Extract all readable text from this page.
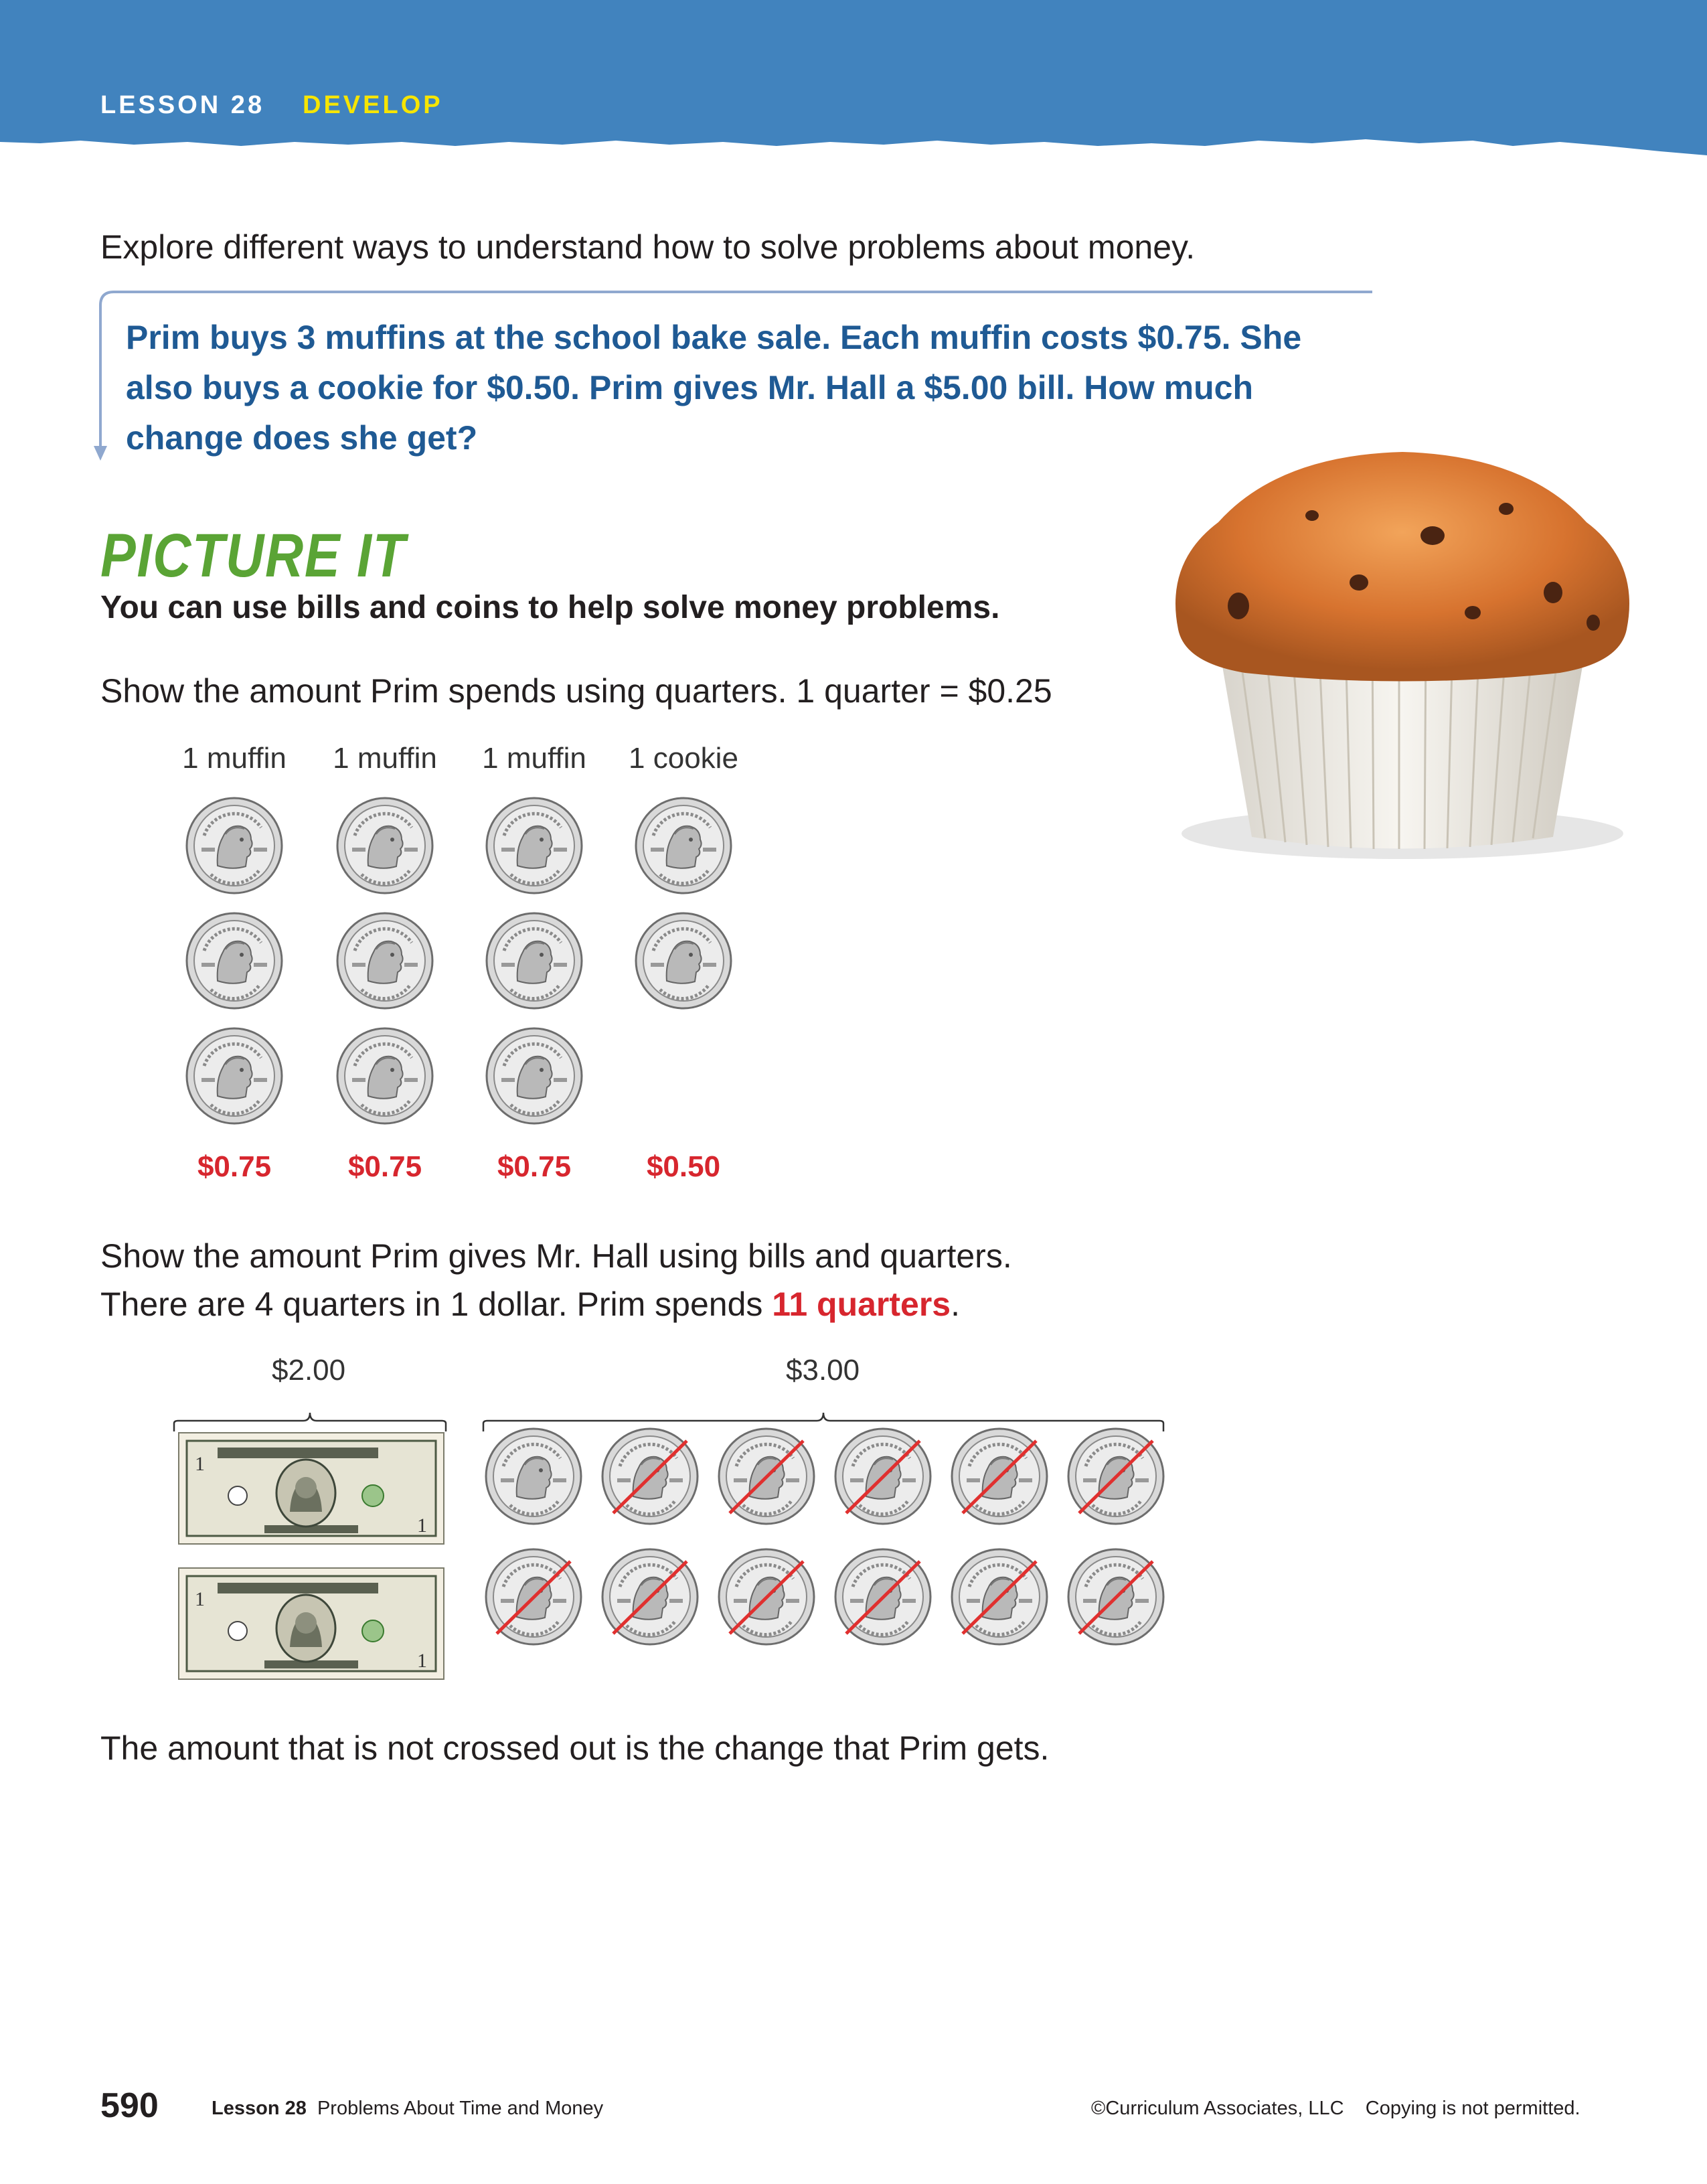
LESSON 28 DEVELOP
Explore different ways to understand how to solve problems about money.
Prim buys 3 muffins at the school bake sale. Each muffin costs $0.75. She also buys a cookie for $0.50. Prim gives Mr. Hall a $5.00 bill. How much change does she get?
PICTURE IT
You can use bills and coins to help solve money problems.
Show the amount Prim spends using quarters. 1 quarter = $0.25
1 muffin
$0.75
1 muffin
$0.75
1 muffin
$0.75
1 cookie
$0.50
Show the amount Prim gives Mr. Hall using bills and quarters.
There are 4 quarters in 1 dollar. Prim spends 11 quarters.
$2.00	$3.00
1
1
1
1
The amount that is not crossed out is the change that Prim gets.
590	Lesson 28 Problems About Time and Money	©Curriculum Associates, LLC Copying is not permitted.
